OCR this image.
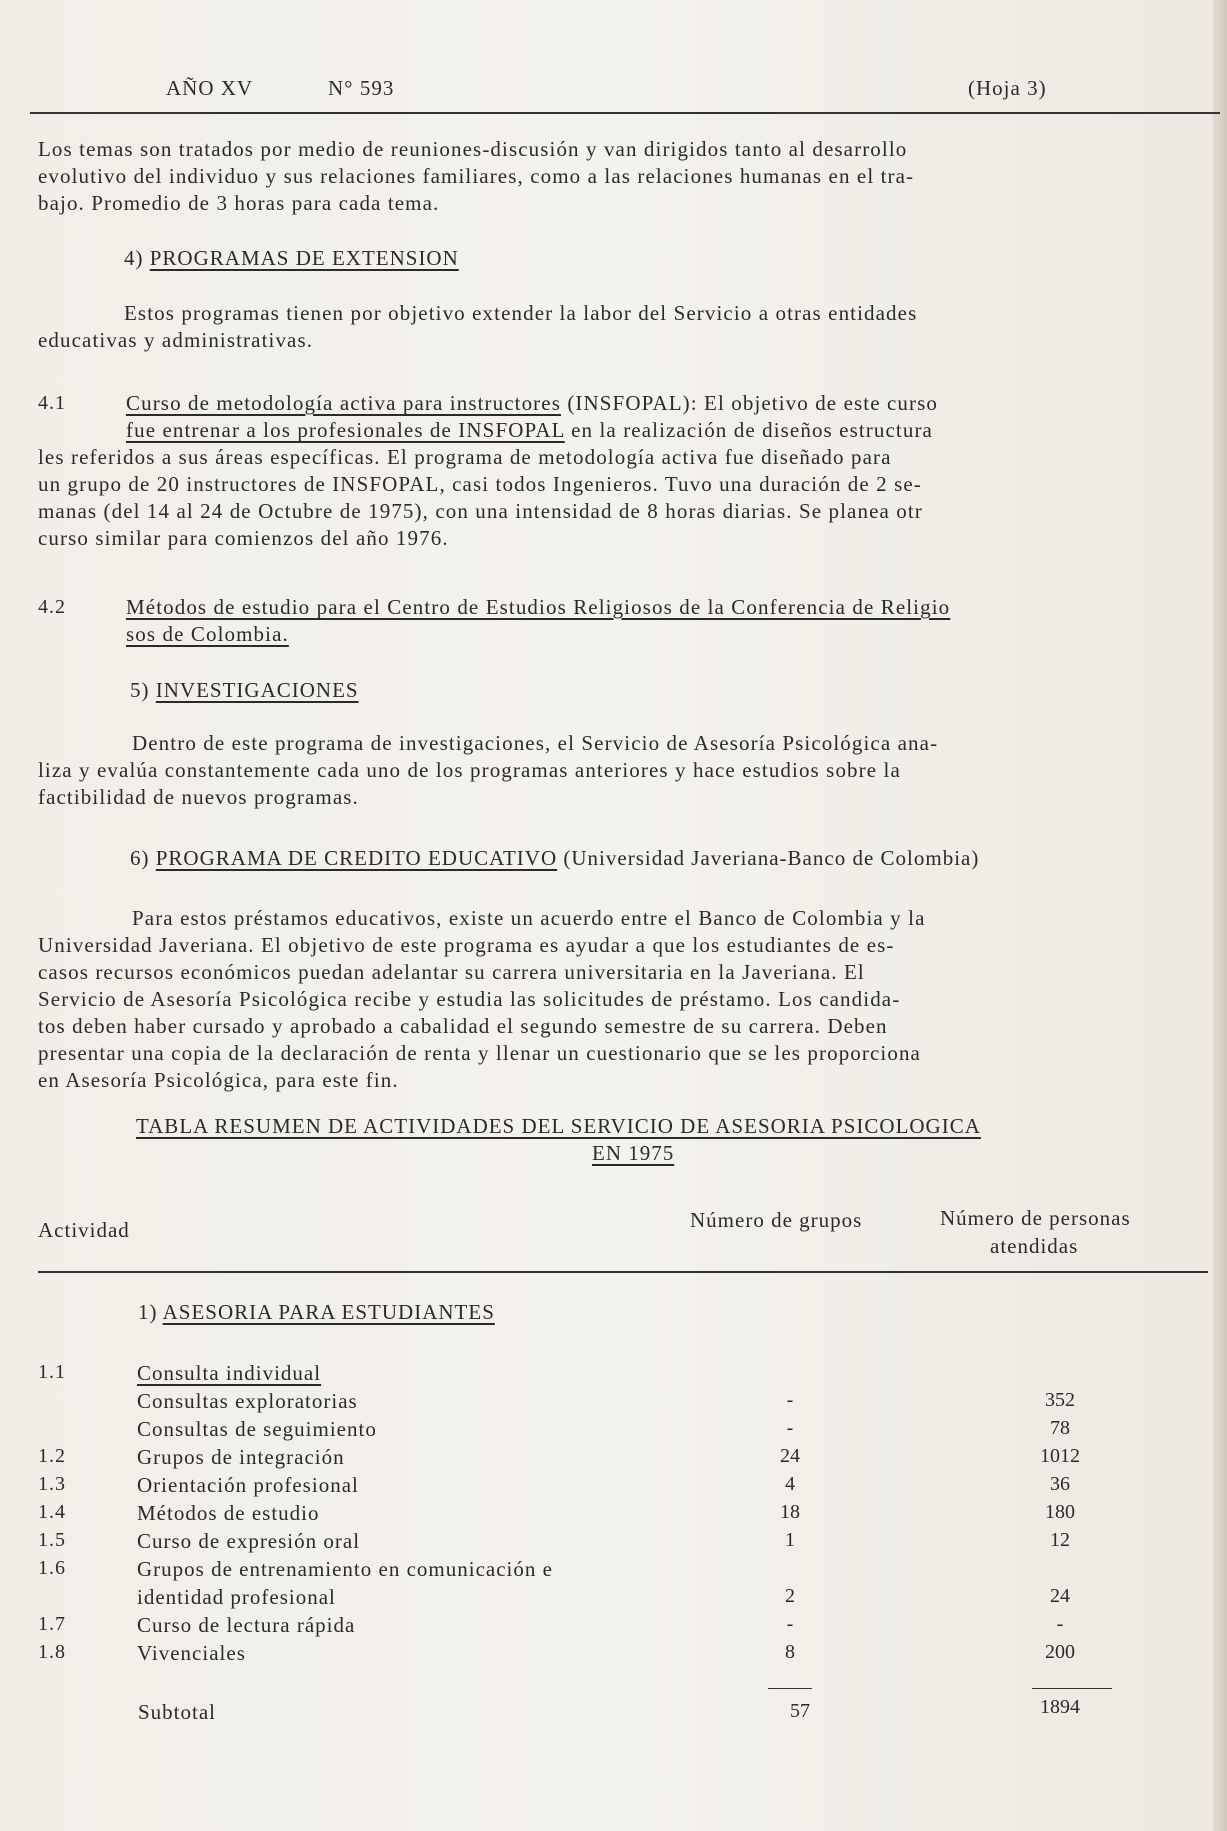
AÑO XV	N° 593	(Hoja 3)
Los temas son tratados por medio de reuniones-discusión y van dirigidos tanto al desarrollo
evolutivo del individuo y sus relaciones familiares, como a las relaciones humanas en el tra-
bajo. Promedio de 3 horas para cada tema.
4) PROGRAMAS DE EXTENSION
Estos programas tienen por objetivo extender la labor del Servicio a otras entidades
educativas y administrativas.
4.1	Curso de metodología activa para instructores (INSFOPAL): El objetivo de este curso
fue entrenar a los profesionales de INSFOPAL en la realización de diseños estructura
les referidos a sus áreas específicas. El programa de metodología activa fue diseñado para
un grupo de 20 instructores de INSFOPAL, casi todos Ingenieros. Tuvo una duración de 2 se-
manas (del 14 al 24 de Octubre de 1975), con una intensidad de 8 horas diarias. Se planea otr
curso similar para comienzos del año 1976.
4.2	Métodos de estudio para el Centro de Estudios Religiosos de la Conferencia de Religio
sos de Colombia.
5) INVESTIGACIONES
Dentro de este programa de investigaciones, el Servicio de Asesoría Psicológica ana-
liza y evalúa constantemente cada uno de los programas anteriores y hace estudios sobre la
factibilidad de nuevos programas.
6) PROGRAMA DE CREDITO EDUCATIVO (Universidad Javeriana-Banco de Colombia)
Para estos préstamos educativos, existe un acuerdo entre el Banco de Colombia y la
Universidad Javeriana. El objetivo de este programa es ayudar a que los estudiantes de es-
casos recursos económicos puedan adelantar su carrera universitaria en la Javeriana. El
Servicio de Asesoría Psicológica recibe y estudia las solicitudes de préstamo. Los candida-
tos deben haber cursado y aprobado a cabalidad el segundo semestre de su carrera. Deben
presentar una copia de la declaración de renta y llenar un cuestionario que se les proporciona
en Asesoría Psicológica, para este fin.
TABLA RESUMEN DE ACTIVIDADES DEL SERVICIO DE ASESORIA PSICOLOGICA
EN 1975
Actividad	Número de grupos	Número de personas
atendidas
1) ASESORIA PARA ESTUDIANTES
1.1	Consulta individual
Consultas exploratorias	-	352
Consultas de seguimiento	-	78
1.2	Grupos de integración	24	1012
1.3	Orientación profesional	4	36
1.4	Métodos de estudio	18	180
1.5	Curso de expresión oral	1	12
1.6	Grupos de entrenamiento en comunicación e
identidad profesional	2	24
1.7	Curso de lectura rápida	-	-
1.8	Vivenciales	8	200
Subtotal	57	1894
